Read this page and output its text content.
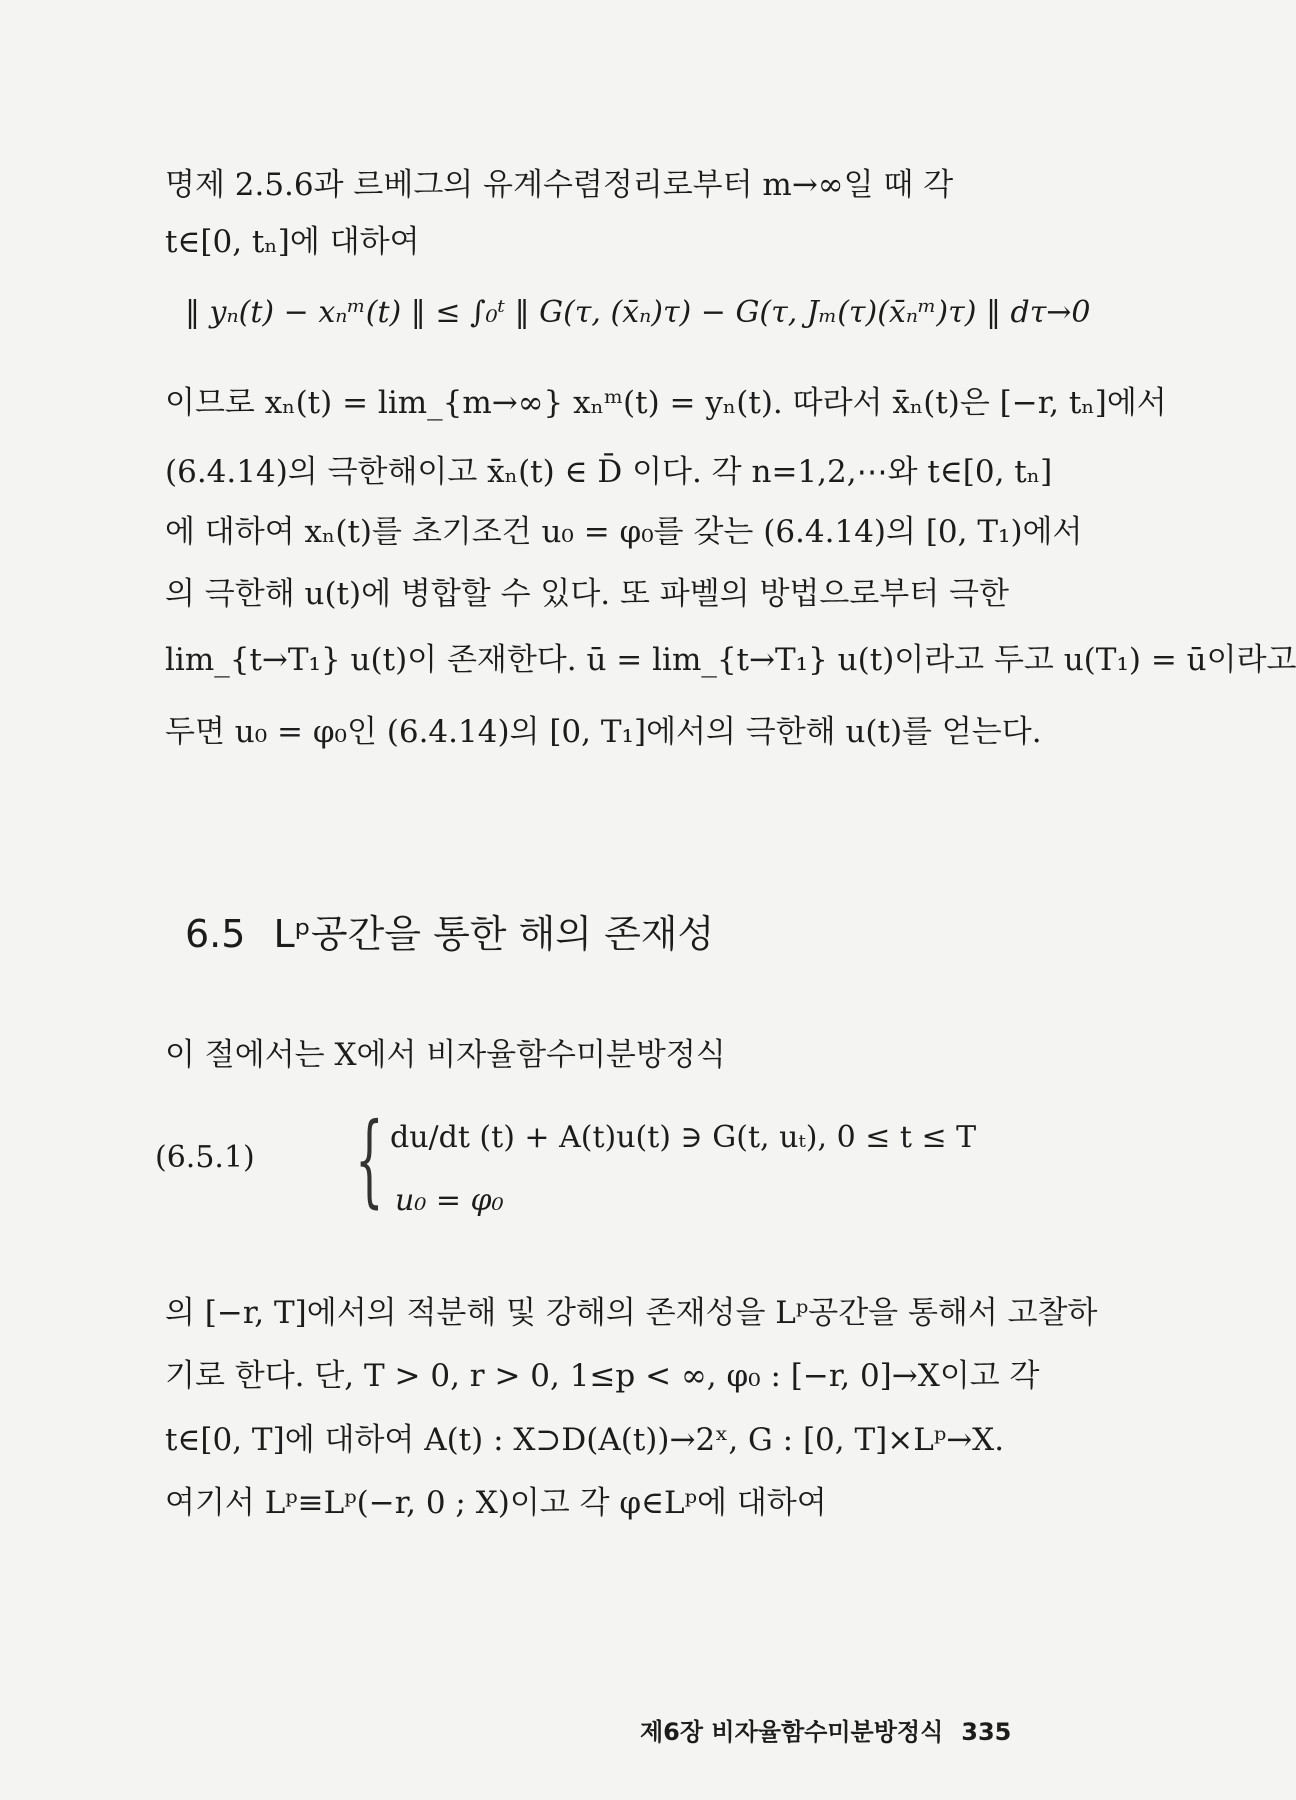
명제 2.5.6과 르베그의 유계수렴정리로부터 m→∞일 때 각
t∈[0, tₙ]에 대하여
‖ yₙ(t) − xₙᵐ(t) ‖ ≤ ∫₀ᵗ ‖ G(τ, (x̄ₙ)τ) − G(τ, Jₘ(τ)(x̄ₙᵐ)τ) ‖ dτ→0
이므로 xₙ(t) = lim_{m→∞} xₙᵐ(t) = yₙ(t). 따라서 x̄ₙ(t)은 [−r, tₙ]에서
(6.4.14)의 극한해이고 x̄ₙ(t) ∈ D̄ 이다. 각 n=1,2,⋯와 t∈[0, tₙ]
에 대하여 xₙ(t)를 초기조건 u₀ = φ₀를 갖는 (6.4.14)의 [0, T₁)에서
의 극한해 u(t)에 병합할 수 있다. 또 파벨의 방법으로부터 극한
lim_{t→T₁} u(t)이 존재한다. ū = lim_{t→T₁} u(t)이라고 두고 u(T₁) = ū이라고
두면 u₀ = φ₀인 (6.4.14)의 [0, T₁]에서의 극한해 u(t)를 얻는다.
6.5 Lᵖ공간을 통한 해의 존재성
이 절에서는 X에서 비자율함수미분방정식
(6.5.1) { du/dt (t) + A(t)u(t) ∋ G(t, uₜ), 0 ≤ t ≤ T
u₀ = φ₀
의 [−r, T]에서의 적분해 및 강해의 존재성을 Lᵖ공간을 통해서 고찰하
기로 한다. 단, T > 0, r > 0, 1≤p < ∞, φ₀ : [−r, 0]→X이고 각
t∈[0, T]에 대하여 A(t) : X⊃D(A(t))→2ˣ, G : [0, T]×Lᵖ→X.
여기서 Lᵖ≡Lᵖ(−r, 0 ; X)이고 각 φ∈Lᵖ에 대하여
제6장 비자율함수미분방정식 335
